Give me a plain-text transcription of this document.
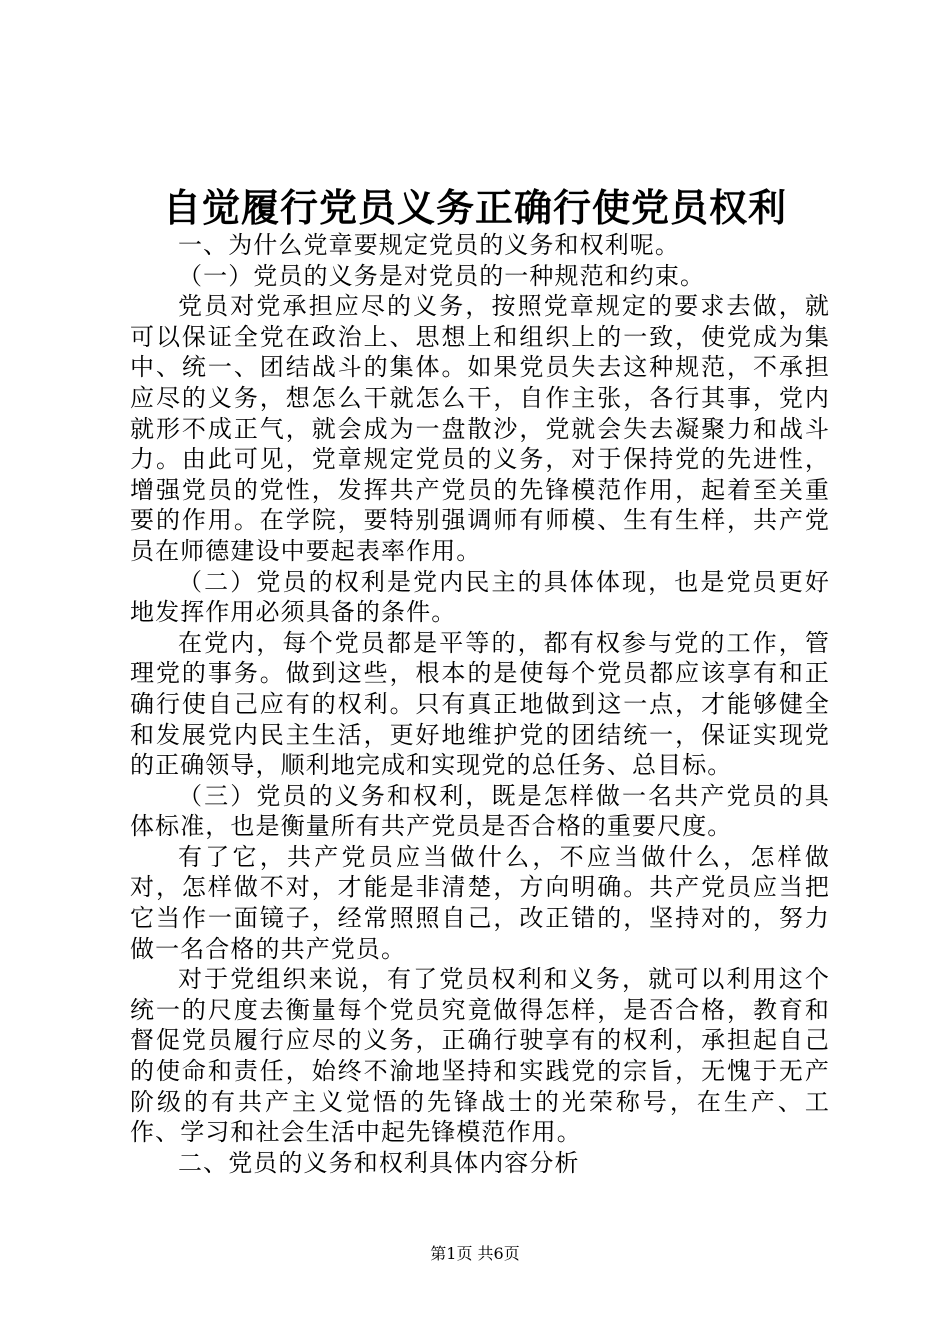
自觉履行党员义务正确行使党员权利

一、为什么党章要规定党员的义务和权利呢。

（一）党员的义务是对党员的一种规范和约束。

党员对党承担应尽的义务，按照党章规定的要求去做，就可以保证全党在政治上、思想上和组织上的一致，使党成为集中、统一、团结战斗的集体。如果党员失去这种规范，不承担应尽的义务，想怎么干就怎么干，自作主张，各行其事，党内就形不成正气，就会成为一盘散沙，党就会失去凝聚力和战斗力。由此可见，党章规定党员的义务，对于保持党的先进性，增强党员的党性，发挥共产党员的先锋模范作用，起着至关重要的作用。在学院，要特别强调师有师模、生有生样，共产党员在师德建设中要起表率作用。

（二）党员的权利是党内民主的具体体现，也是党员更好地发挥作用必须具备的条件。

在党内，每个党员都是平等的，都有权参与党的工作，管理党的事务。做到这些，根本的是使每个党员都应该享有和正确行使自己应有的权利。只有真正地做到这一点，才能够健全和发展党内民主生活，更好地维护党的团结统一，保证实现党的正确领导，顺利地完成和实现党的总任务、总目标。

（三）党员的义务和权利，既是怎样做一名共产党员的具体标准，也是衡量所有共产党员是否合格的重要尺度。

有了它，共产党员应当做什么，不应当做什么，怎样做对，怎样做不对，才能是非清楚，方向明确。共产党员应当把它当作一面镜子，经常照照自己，改正错的，坚持对的，努力做一名合格的共产党员。

对于党组织来说，有了党员权利和义务，就可以利用这个统一的尺度去衡量每个党员究竟做得怎样，是否合格，教育和督促党员履行应尽的义务，正确行驶享有的权利，承担起自己的使命和责任，始终不渝地坚持和实践党的宗旨，无愧于无产阶级的有共产主义觉悟的先锋战士的光荣称号，在生产、工作、学习和社会生活中起先锋模范作用。

二、党员的义务和权利具体内容分析

第1页 共6页
